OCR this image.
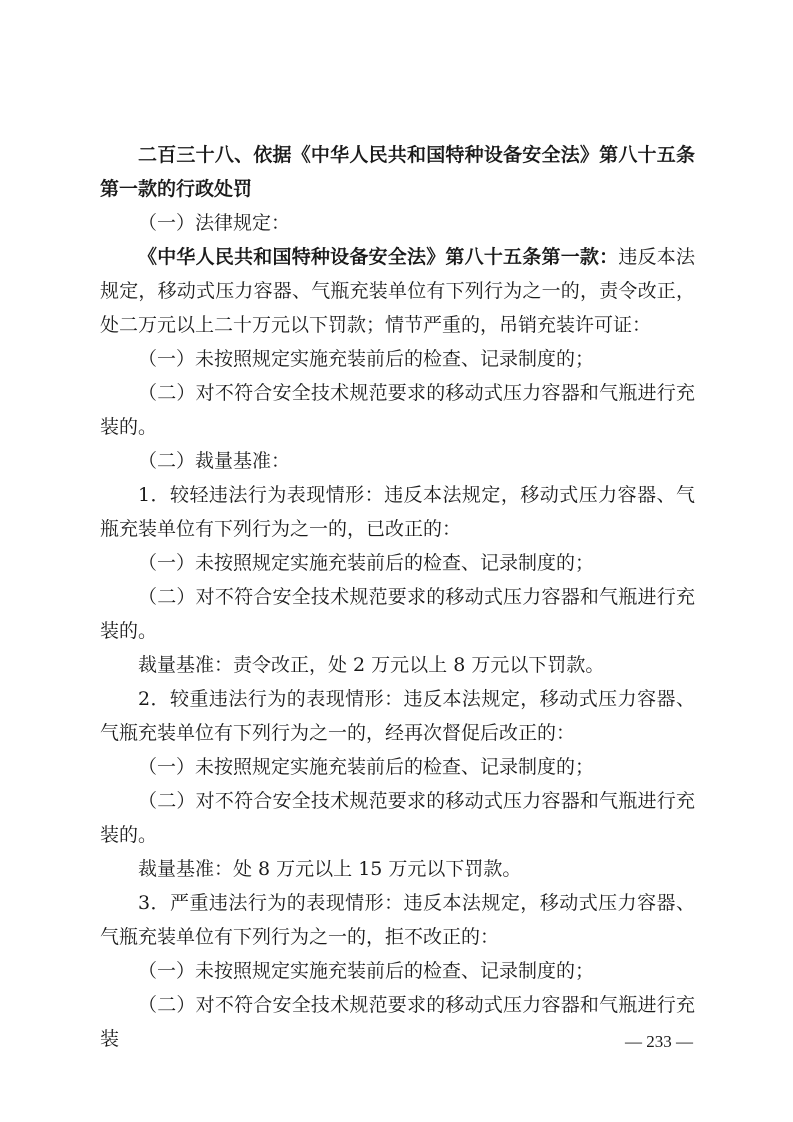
二百三十八、依据《中华人民共和国特种设备安全法》第八十五条第一款的行政处罚

（一）法律规定：

《中华人民共和国特种设备安全法》第八十五条第一款：违反本法规定，移动式压力容器、气瓶充装单位有下列行为之一的，责令改正，处二万元以上二十万元以下罚款；情节严重的，吊销充装许可证：

（一）未按照规定实施充装前后的检查、记录制度的；

（二）对不符合安全技术规范要求的移动式压力容器和气瓶进行充装的。

（二）裁量基准：

1．较轻违法行为表现情形：违反本法规定，移动式压力容器、气瓶充装单位有下列行为之一的，已改正的：

（一）未按照规定实施充装前后的检查、记录制度的；

（二）对不符合安全技术规范要求的移动式压力容器和气瓶进行充装的。

裁量基准：责令改正，处 2 万元以上 8 万元以下罚款。

2．较重违法行为的表现情形：违反本法规定，移动式压力容器、气瓶充装单位有下列行为之一的，经再次督促后改正的：

（一）未按照规定实施充装前后的检查、记录制度的；

（二）对不符合安全技术规范要求的移动式压力容器和气瓶进行充装的。

裁量基准：处 8 万元以上 15 万元以下罚款。

3．严重违法行为的表现情形：违反本法规定，移动式压力容器、气瓶充装单位有下列行为之一的，拒不改正的：

（一）未按照规定实施充装前后的检查、记录制度的；

（二）对不符合安全技术规范要求的移动式压力容器和气瓶进行充装	— 233 —
